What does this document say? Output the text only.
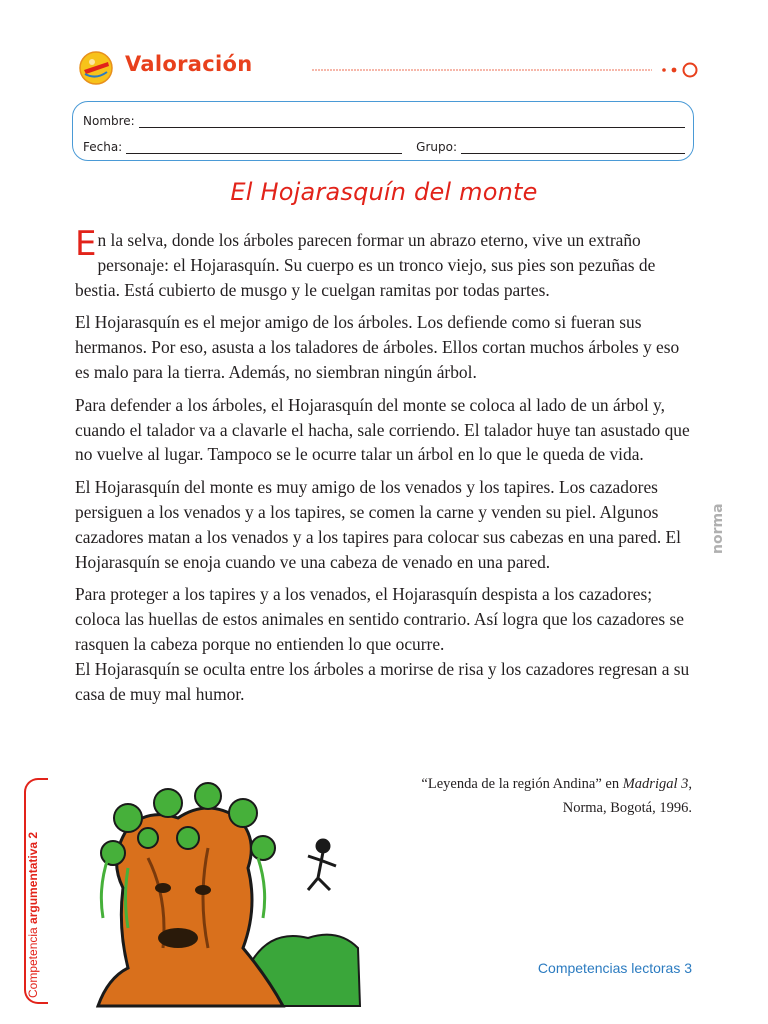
Valoración
Nombre:
Fecha:	Grupo:
El Hojarasquín del monte

En la selva, donde los árboles parecen formar un abrazo eterno, vive un extraño personaje: el Hojarasquín. Su cuerpo es un tronco viejo, sus pies son pezuñas de bestia. Está cubierto de musgo y le cuelgan ramitas por todas partes.

El Hojarasquín es el mejor amigo de los árboles. Los defiende como si fueran sus hermanos. Por eso, asusta a los taladores de árboles. Ellos cortan muchos árboles y eso es malo para la tierra. Además, no siembran ningún árbol.

Para defender a los árboles, el Hojarasquín del monte se coloca al lado de un árbol y, cuando el talador va a clavarle el hacha, sale corriendo. El talador huye tan asustado que no vuelve al lugar. Tampoco se le ocurre talar un árbol en lo que le queda de vida.

El Hojarasquín del monte es muy amigo de los venados y los tapires. Los cazadores persiguen a los venados y a los tapires, se comen la carne y venden su piel. Algunos cazadores matan a los venados y a los tapires para colocar sus cabezas en una pared. El Hojarasquín se enoja cuando ve una cabeza de venado en una pared.

Para proteger a los tapires y a los venados, el Hojarasquín despista a los cazadores; coloca las huellas de estos animales en sentido contrario. Así logra que los cazadores se rasquen la cabeza porque no entienden lo que ocurre.

El Hojarasquín se oculta entre los árboles a morirse de risa y los cazadores regresan a su casa de muy mal humor.

“Leyenda de la región Andina” en Madrigal 3,
Norma, Bogotá, 1996.
Competencias lectoras 3
Competencia argumentativa 2
norma
